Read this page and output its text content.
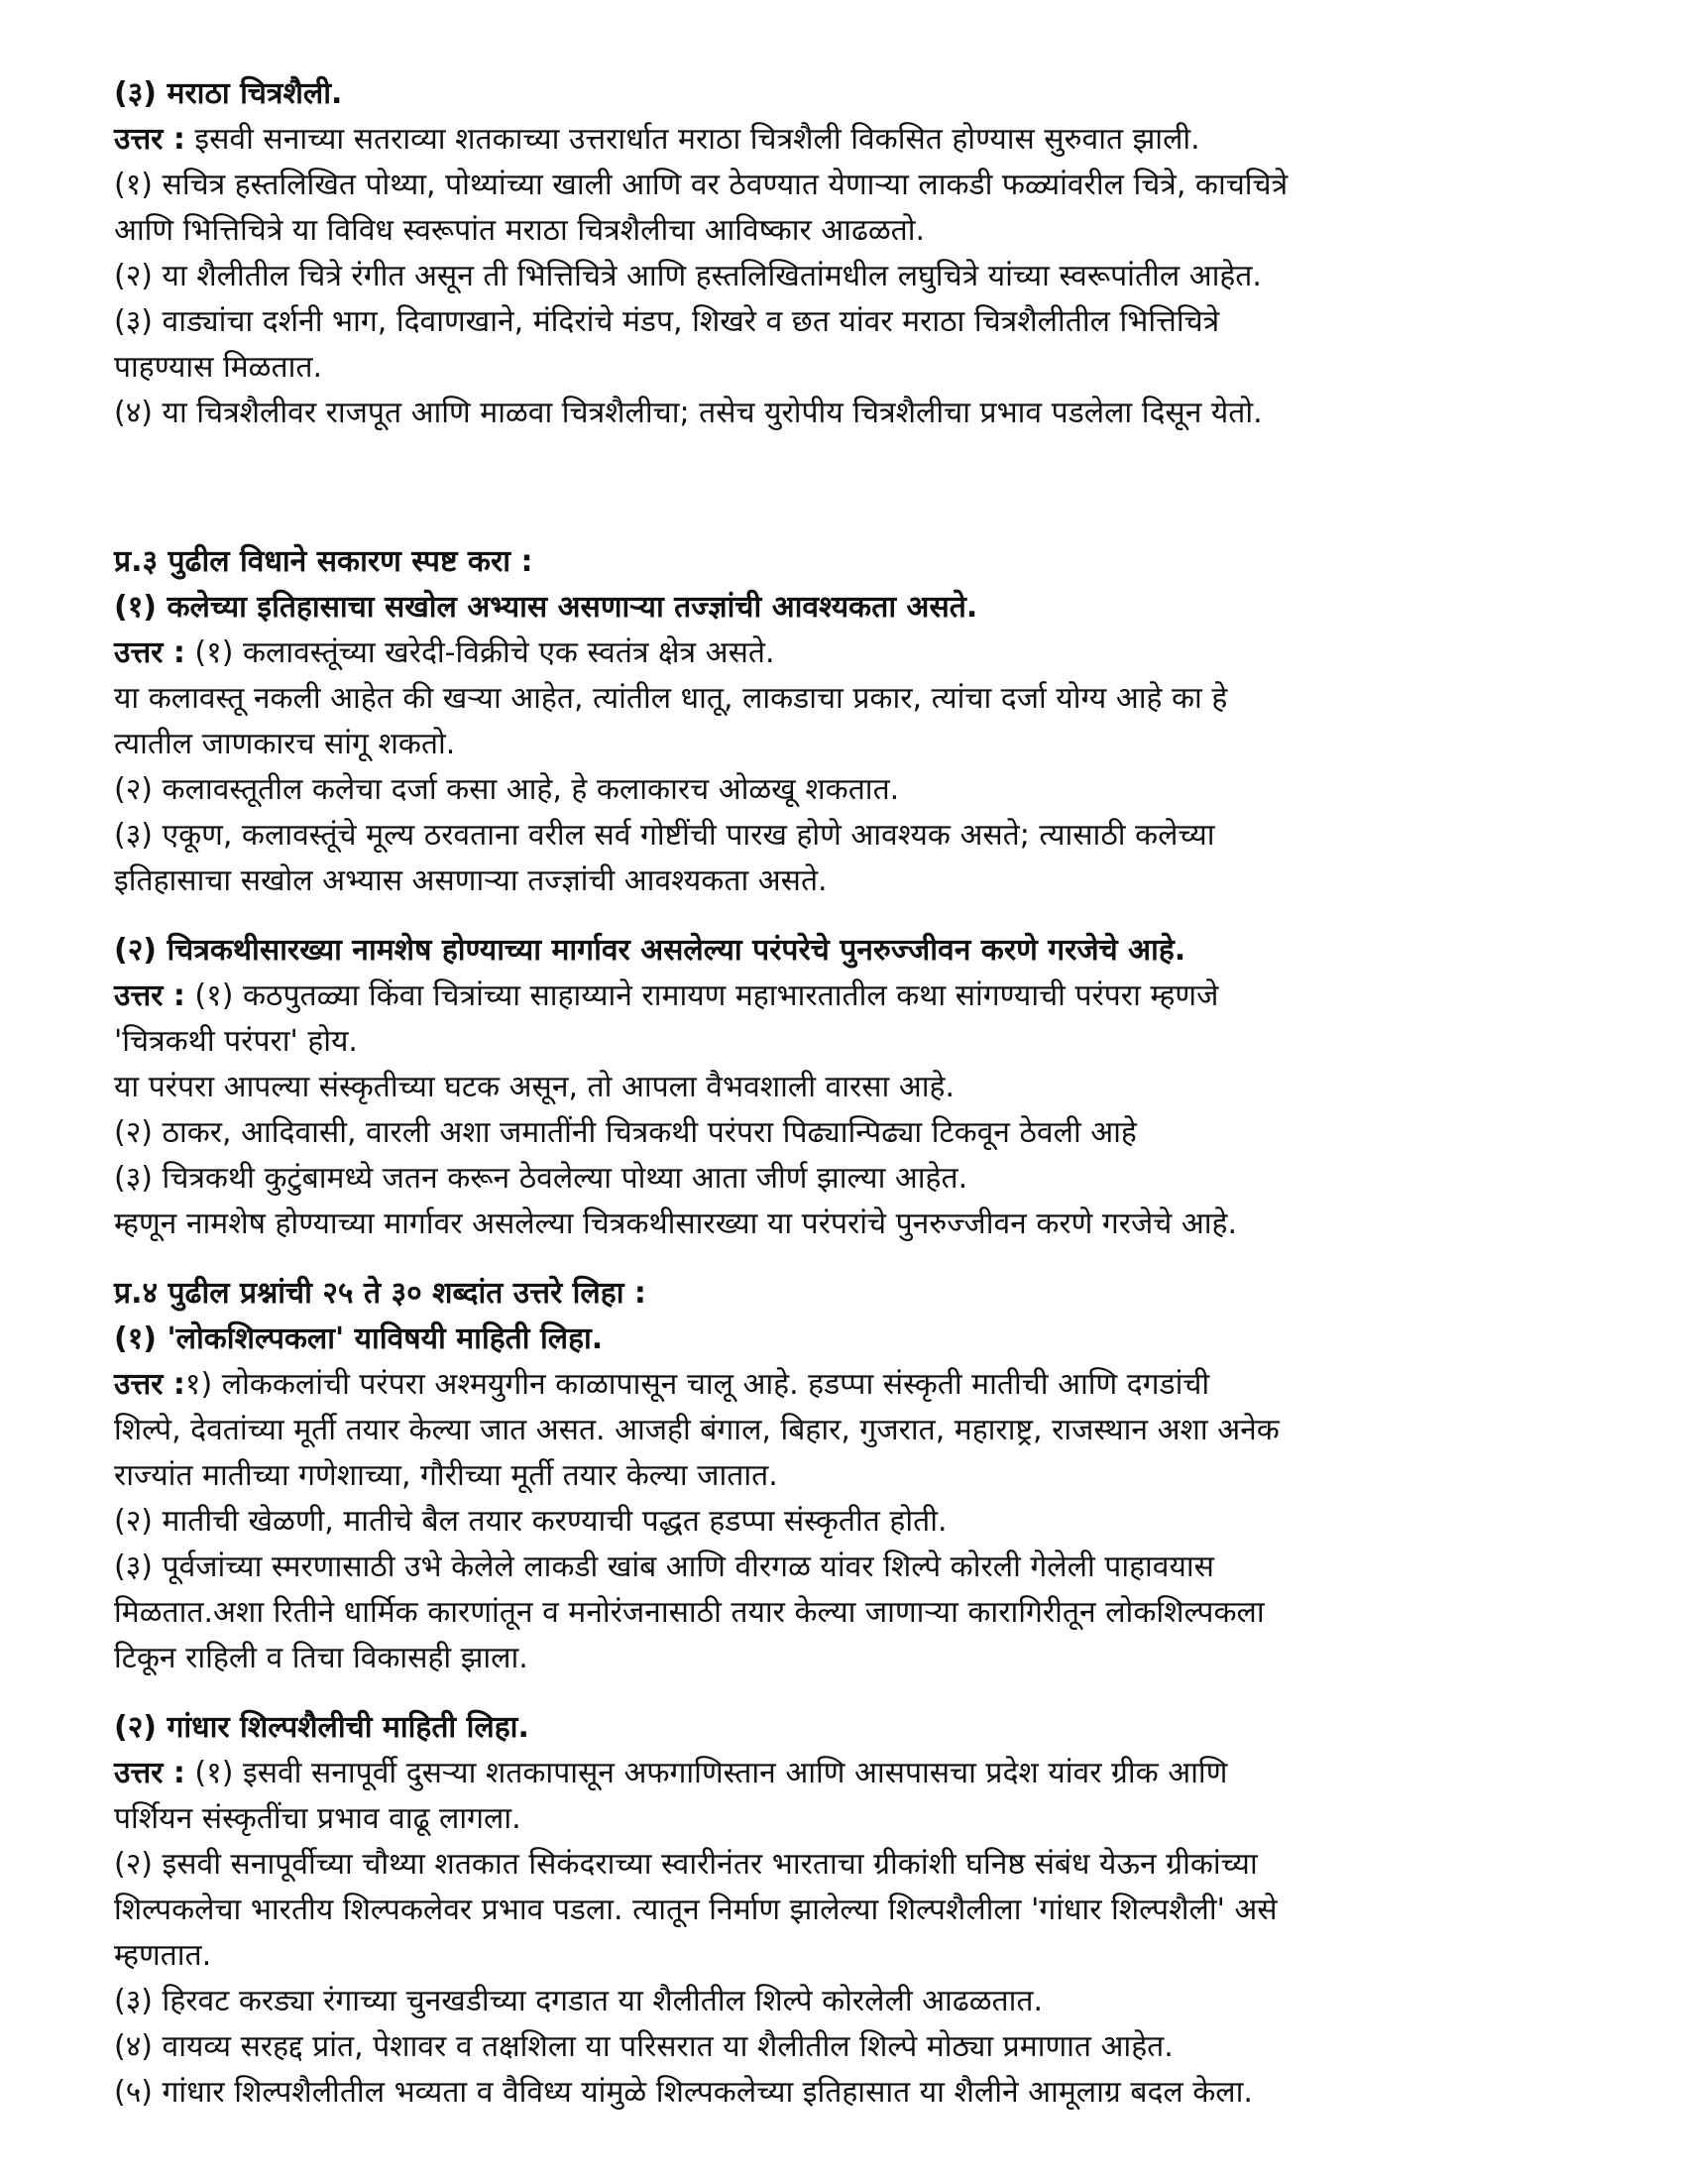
(३) मराठा चित्रशैली.

उत्तर : इसवी सनाच्या सतराव्या शतकाच्या उत्तरार्धात मराठा चित्रशैली विकसित होण्यास सुरुवात झाली.

(१) सचित्र हस्तलिखित पोथ्या, पोथ्यांच्या खाली आणि वर ठेवण्यात येणाऱ्या लाकडी फळ्यांवरील चित्रे, काचचित्रे

आणि भित्तिचित्रे या विविध स्वरूपांत मराठा चित्रशैलीचा आविष्कार आढळतो.

(२) या शैलीतील चित्रे रंगीत असून ती भित्तिचित्रे आणि हस्तलिखितांमधील लघुचित्रे यांच्या स्वरूपांतील आहेत.

(३) वाड्यांचा दर्शनी भाग, दिवाणखाने, मंदिरांचे मंडप, शिखरे व छत यांवर मराठा चित्रशैलीतील भित्तिचित्रे

पाहण्यास मिळतात.

(४) या चित्रशैलीवर राजपूत आणि माळवा चित्रशैलीचा; तसेच युरोपीय चित्रशैलीचा प्रभाव पडलेला दिसून येतो.

प्र.३ पुढील विधाने सकारण स्पष्ट करा :

(१) कलेच्या इतिहासाचा सखोल अभ्यास असणाऱ्या तज्ज्ञांची आवश्यकता असते.

उत्तर : (१) कलावस्तूंच्या खरेदी-विक्रीचे एक स्वतंत्र क्षेत्र असते.

या कलावस्तू नकली आहेत की खऱ्या आहेत, त्यांतील धातू, लाकडाचा प्रकार, त्यांचा दर्जा योग्य आहे का हे

त्यातील जाणकारच सांगू शकतो.

(२) कलावस्तूतील कलेचा दर्जा कसा आहे, हे कलाकारच ओळखू शकतात.

(३) एकूण, कलावस्तूंचे मूल्य ठरवताना वरील सर्व गोष्टींची पारख होणे आवश्यक असते; त्यासाठी कलेच्या

इतिहासाचा सखोल अभ्यास असणाऱ्या तज्ज्ञांची आवश्यकता असते.

(२) चित्रकथीसारख्या नामशेष होण्याच्या मार्गावर असलेल्या परंपरेचे पुनरुज्जीवन करणे गरजेचे आहे.

उत्तर : (१) कठपुतळ्या किंवा चित्रांच्या साहाय्याने रामायण महाभारतातील कथा सांगण्याची परंपरा म्हणजे

'चित्रकथी परंपरा' होय.

या परंपरा आपल्या संस्कृतीच्या घटक असून, तो आपला वैभवशाली वारसा आहे.

(२) ठाकर, आदिवासी, वारली अशा जमातींनी चित्रकथी परंपरा पिढ्यान्पिढ्या टिकवून ठेवली आहे

(३) चित्रकथी कुटुंबामध्ये जतन करून ठेवलेल्या पोथ्या आता जीर्ण झाल्या आहेत.

म्हणून नामशेष होण्याच्या मार्गावर असलेल्या चित्रकथीसारख्या या परंपरांचे पुनरुज्जीवन करणे गरजेचे आहे.

प्र.४ पुढील प्रश्नांची २५ ते ३० शब्दांत उत्तरे लिहा :

(१) 'लोकशिल्पकला' याविषयी माहिती लिहा.

उत्तर :१) लोककलांची परंपरा अश्मयुगीन काळापासून चालू आहे. हडप्पा संस्कृती मातीची आणि दगडांची

शिल्पे, देवतांच्या मूर्ती तयार केल्या जात असत. आजही बंगाल, बिहार, गुजरात, महाराष्ट्र, राजस्थान अशा अनेक

राज्यांत मातीच्या गणेशाच्या, गौरीच्या मूर्ती तयार केल्या जातात.

(२) मातीची खेळणी, मातीचे बैल तयार करण्याची पद्धत हडप्पा संस्कृतीत होती.

(३) पूर्वजांच्या स्मरणासाठी उभे केलेले लाकडी खांब आणि वीरगळ यांवर शिल्पे कोरली गेलेली पाहावयास

मिळतात.अशा रितीने धार्मिक कारणांतून व मनोरंजनासाठी तयार केल्या जाणाऱ्या कारागिरीतून लोकशिल्पकला

टिकून राहिली व तिचा विकासही झाला.

(२) गांधार शिल्पशैलीची माहिती लिहा.

उत्तर : (१) इसवी सनापूर्वी दुसऱ्या शतकापासून अफगाणिस्तान आणि आसपासचा प्रदेश यांवर ग्रीक आणि

पर्शियन संस्कृतींचा प्रभाव वाढू लागला.

(२) इसवी सनापूर्वीच्या चौथ्या शतकात सिकंदराच्या स्वारीनंतर भारताचा ग्रीकांशी घनिष्ठ संबंध येऊन ग्रीकांच्या

शिल्पकलेचा भारतीय शिल्पकलेवर प्रभाव पडला. त्यातून निर्माण झालेल्या शिल्पशैलीला 'गांधार शिल्पशैली' असे

म्हणतात.

(३) हिरवट करड्या रंगाच्या चुनखडीच्या दगडात या शैलीतील शिल्पे कोरलेली आढळतात.

(४) वायव्य सरहद्द प्रांत, पेशावर व तक्षशिला या परिसरात या शैलीतील शिल्पे मोठ्या प्रमाणात आहेत.

(५) गांधार शिल्पशैलीतील भव्यता व वैविध्य यांमुळे शिल्पकलेच्या इतिहासात या शैलीने आमूलाग्र बदल केला.
